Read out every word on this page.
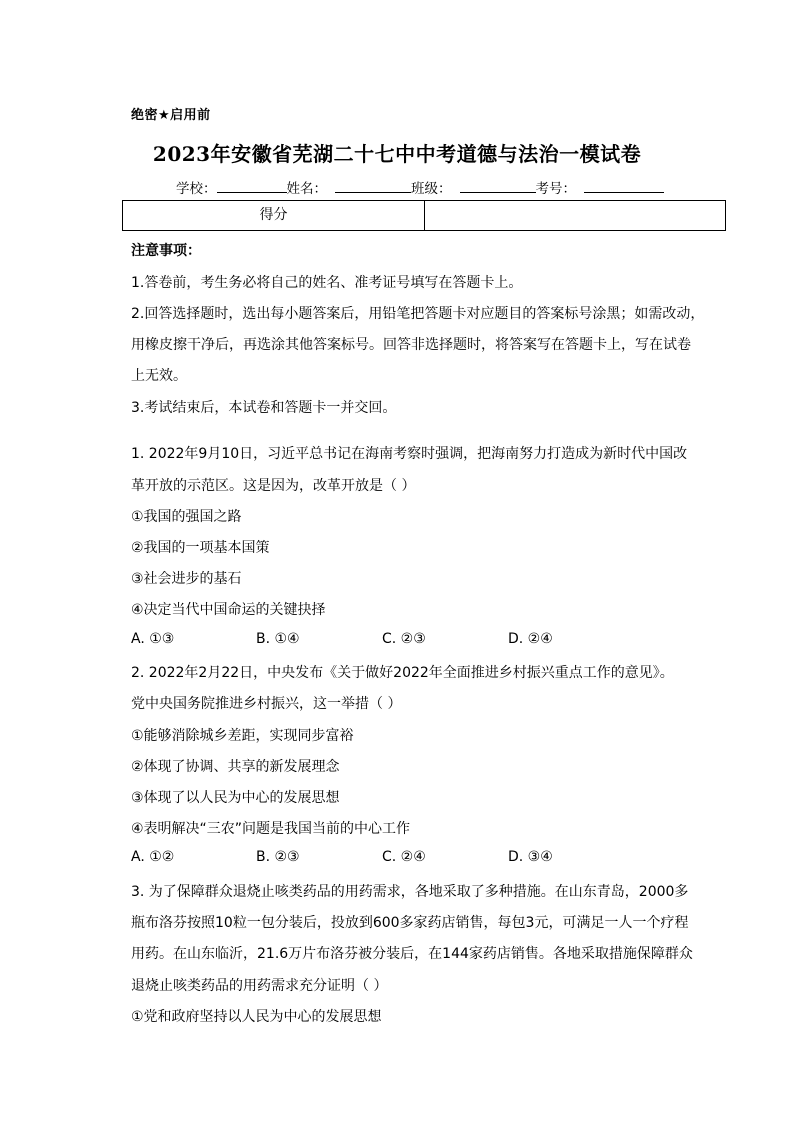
绝密★启用前
2023年安徽省芜湖二十七中中考道德与法治一模试卷
学校：	姓名：	班级：	考号：
得分
注意事项：
1.答卷前，考生务必将自己的姓名、准考证号填写在答题卡上。
2.回答选择题时，选出每小题答案后，用铅笔把答题卡对应题目的答案标号涂黑；如需改动，
用橡皮擦干净后，再选涂其他答案标号。回答非选择题时，将答案写在答题卡上，写在试卷
上无效。
3.考试结束后，本试卷和答题卡一并交回。
1. 2022年9月10日，习近平总书记在海南考察时强调，把海南努力打造成为新时代中国改
革开放的示范区。这是因为，改革开放是（ ）
①我国的强国之路
②我国的一项基本国策
③社会进步的基石
④决定当代中国命运的关键抉择
A. ①③	B. ①④	C. ②③	D. ②④
2. 2022年2月22日，中央发布《关于做好2022年全面推进乡村振兴重点工作的意见》。
党中央国务院推进乡村振兴，这一举措（ ）
①能够消除城乡差距，实现同步富裕
②体现了协调、共享的新发展理念
③体现了以人民为中心的发展思想
④表明解决“三农”问题是我国当前的中心工作
A. ①②	B. ②③	C. ②④	D. ③④
3. 为了保障群众退烧止咳类药品的用药需求，各地采取了多种措施。在山东青岛，2000多
瓶布洛芬按照10粒一包分装后，投放到600多家药店销售，每包3元，可满足一人一个疗程
用药。在山东临沂，21.6万片布洛芬被分装后，在144家药店销售。各地采取措施保障群众
退烧止咳类药品的用药需求充分证明（ ）
①党和政府坚持以人民为中心的发展思想
